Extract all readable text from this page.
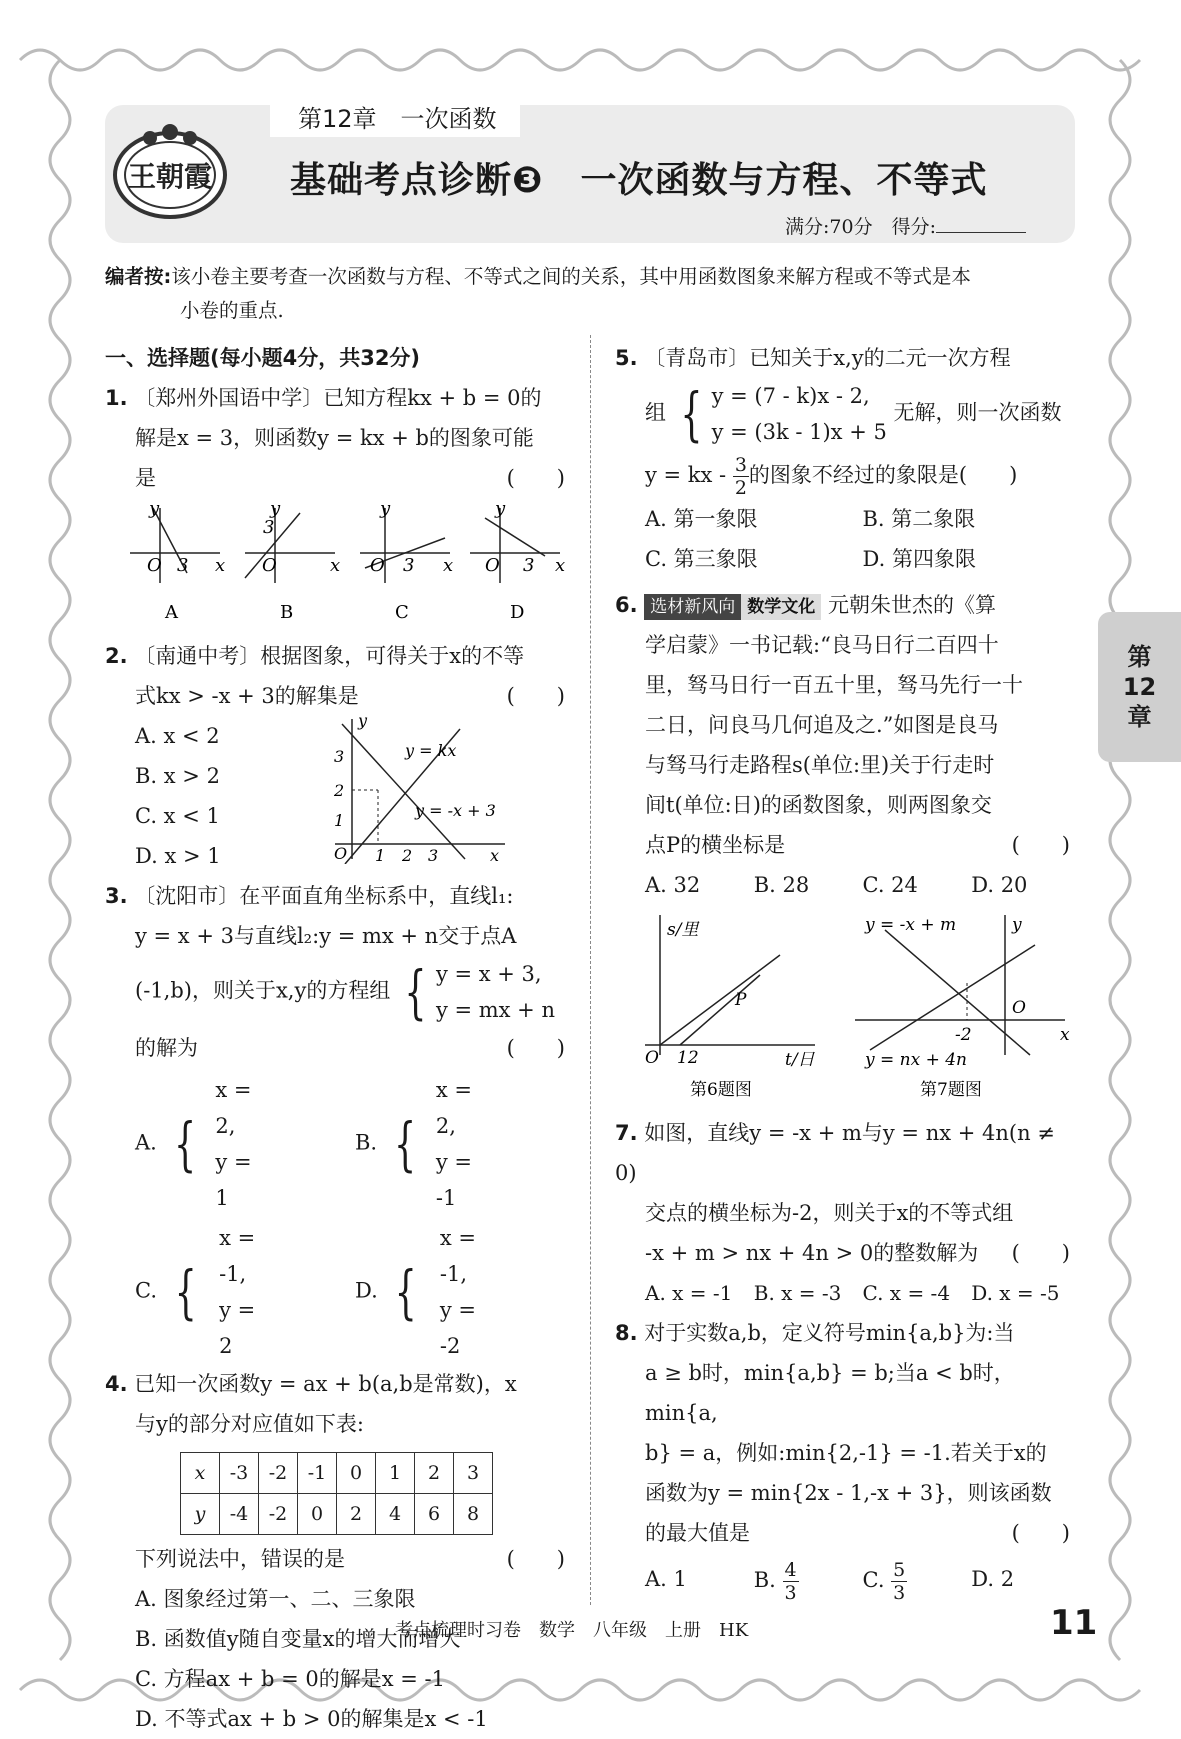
第12章　一次函数
王朝霞 基础考点诊断❸　一次函数与方程、不等式
满分:70分　得分:
编者按:该小卷主要考查一次函数与方程、不等式之间的关系，其中用函数图象来解方程或不等式是本
小卷的重点.
一、选择题(每小题4分，共32分)
1. 〔郑州外国语中学〕已知方程kx + b = 0的
解是x = 3，则函数y = kx + b的图象可能
是	(　　)
y
O 3 x
A
y
3
O	x
B
y
O 3 x
C
y
O 3 x
D
2. 〔南通中考〕根据图象，可得关于x的不等
式kx > -x + 3的解集是	(　　)
A. x < 2
B. x > 2
C. x < 1
D. x > 1
y
3
2
1
O 1 2 3	x
y = kx
y = -x + 3
3. 〔沈阳市〕在平面直角坐标系中，直线l₁:
y = x + 3与直线l₂:y = mx + n交于点A
(-1,b)，则关于x,y的方程组 { y = x + 3,
y = mx + n
的解为	(　　)
A. {
x = 2,
y = 1
B. {
x = 2,
y = -1
C. {
x = -1,
y = 2
D. {
x = -1,
y = -2
4. 已知一次函数y = ax + b(a,b是常数)，x
与y的部分对应值如下表:
x	-3	-2	-1	0	1	2	3
y	-4	-2	0	2	4	6	8
下列说法中，错误的是	(　　)
A. 图象经过第一、二、三象限
B. 函数值y随自变量x的增大而增大
C. 方程ax + b = 0的解是x = -1
D. 不等式ax + b > 0的解集是x < -1
5. 〔青岛市〕已知关于x,y的二元一次方程
组 { y = (7 - k)x - 2,
y = (3k - 1)x + 5
无解，则一次函数
y = kx - $\frac{3}{2}$ 的图象不经过的象限是(　　)
A. 第一象限	B. 第二象限
C. 第三象限	D. 第四象限
6. 选材新风向 数学文化 元朝朱世杰的《算
学启蒙》一书记载:“良马日行二百四十
里，驽马日行一百五十里，驽马先行一十
二日，问良马几何追及之.”如图是良马
与驽马行走路程s(单位:里)关于行走时
间t(单位:日)的函数图象，则两图象交
点P的横坐标是	(　　)
A. 32	B. 28	C. 24	D. 20
s/里
P
O 12	t/日
第6题图
y = -x + m	y
O
-2	x
y = nx + 4n
第7题图
7. 如图，直线y = -x + m与y = nx + 4n(n ≠ 0)
交点的横坐标为-2，则关于x的不等式组
-x + m > nx + 4n > 0的整数解为 (　　)
A. x = -1	B. x = -3	C. x = -4	D. x = -5
8. 对于实数a,b，定义符号min{a,b}为:当
a ≥ b时，min{a,b} = b;当a < b时，min{a,
b} = a，例如:min{2,-1} = -1.若关于x的
函数为y = min{2x - 1,-x + 3}，则该函数
的最大值是	(　　)
A. 1	B. $\frac{4}{3}$	C. $\frac{5}{3}$	D. 2
第
12
章
考点梳理时习卷　数学　八年级　上册　HK	11
